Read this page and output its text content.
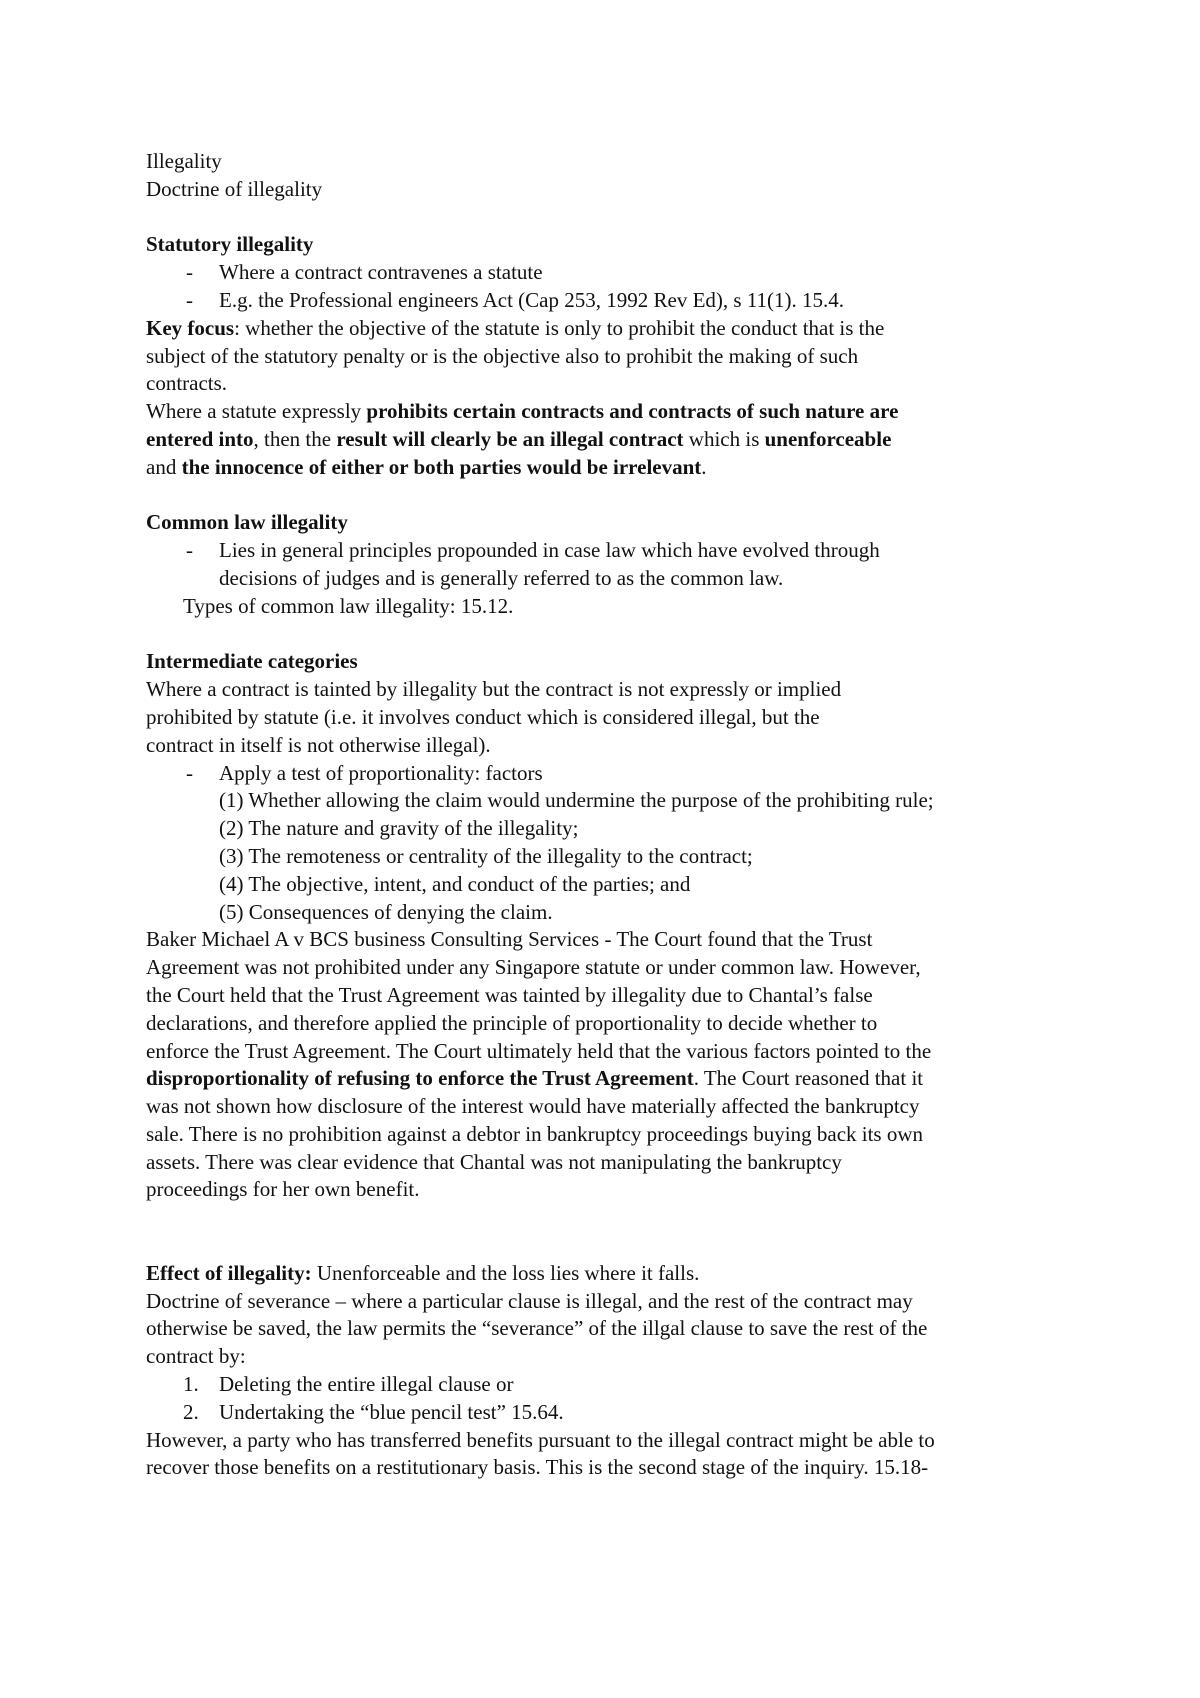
Illegality
Doctrine of illegality
Statutory illegality
- Where a contract contravenes a statute
- E.g. the Professional engineers Act (Cap 253, 1992 Rev Ed), s 11(1). 15.4.
Key focus: whether the objective of the statute is only to prohibit the conduct that is the
subject of the statutory penalty or is the objective also to prohibit the making of such
contracts.
Where a statute expressly prohibits certain contracts and contracts of such nature are
entered into, then the result will clearly be an illegal contract which is unenforceable
and the innocence of either or both parties would be irrelevant.
Common law illegality
- Lies in general principles propounded in case law which have evolved through
decisions of judges and is generally referred to as the common law.
Types of common law illegality: 15.12.
Intermediate categories
Where a contract is tainted by illegality but the contract is not expressly or implied
prohibited by statute (i.e. it involves conduct which is considered illegal, but the
contract in itself is not otherwise illegal).
- Apply a test of proportionality: factors
(1) Whether allowing the claim would undermine the purpose of the prohibiting rule;
(2) The nature and gravity of the illegality;
(3) The remoteness or centrality of the illegality to the contract;
(4) The objective, intent, and conduct of the parties; and
(5) Consequences of denying the claim.
Baker Michael A v BCS business Consulting Services - The Court found that the Trust
Agreement was not prohibited under any Singapore statute or under common law. However,
the Court held that the Trust Agreement was tainted by illegality due to Chantal’s false
declarations, and therefore applied the principle of proportionality to decide whether to
enforce the Trust Agreement. The Court ultimately held that the various factors pointed to the
disproportionality of refusing to enforce the Trust Agreement. The Court reasoned that it
was not shown how disclosure of the interest would have materially affected the bankruptcy
sale. There is no prohibition against a debtor in bankruptcy proceedings buying back its own
assets. There was clear evidence that Chantal was not manipulating the bankruptcy
proceedings for her own benefit.
Effect of illegality: Unenforceable and the loss lies where it falls.
Doctrine of severance – where a particular clause is illegal, and the rest of the contract may
otherwise be saved, the law permits the “severance” of the illgal clause to save the rest of the
contract by:
1. Deleting the entire illegal clause or
2. Undertaking the “blue pencil test” 15.64.
However, a party who has transferred benefits pursuant to the illegal contract might be able to
recover those benefits on a restitutionary basis. This is the second stage of the inquiry. 15.18-
